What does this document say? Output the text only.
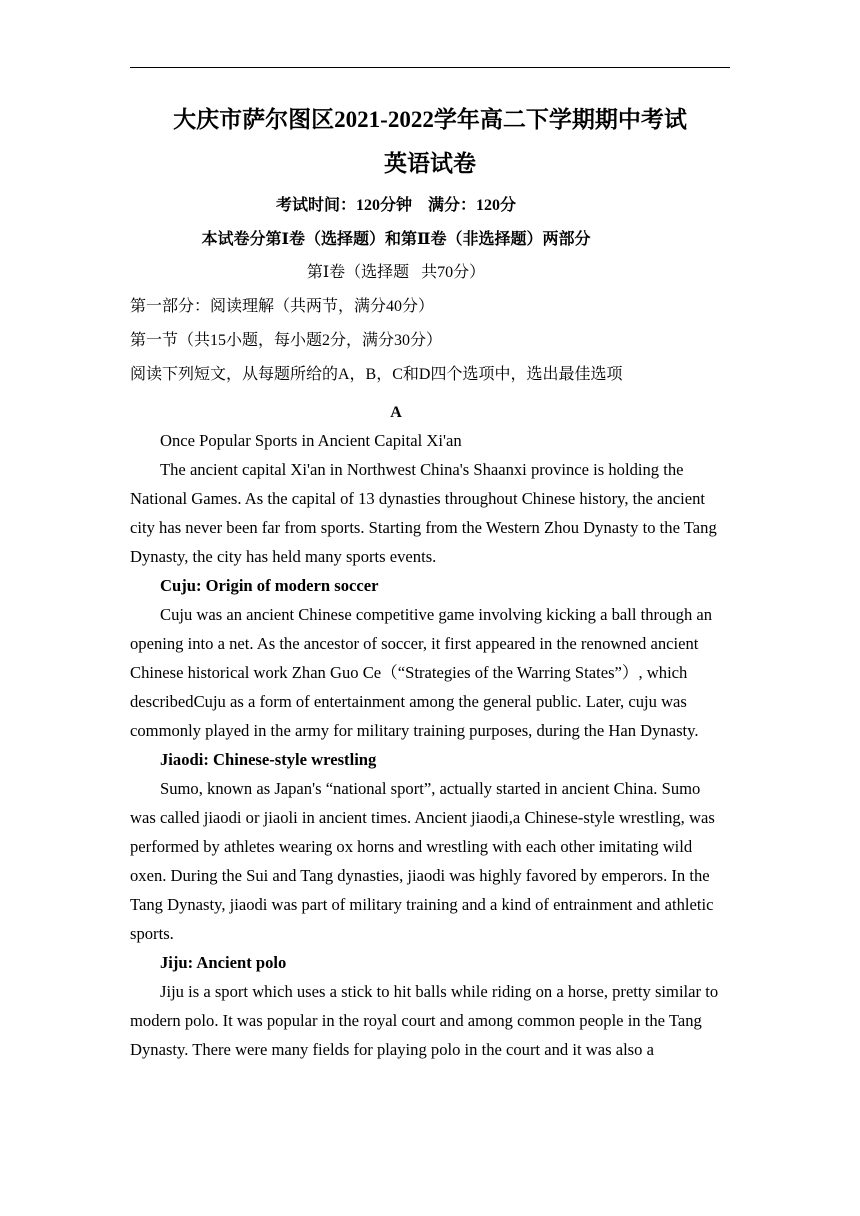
大庆市萨尔图区2021-2022学年高二下学期期中考试
英语试卷
考试时间：120分钟    满分：120分
本试卷分第Ⅰ卷（选择题）和第Ⅱ卷（非选择题）两部分
第Ⅰ卷（选择题   共70分）
第一部分：阅读理解（共两节，满分40分）
第一节（共15小题，每小题2分，满分30分）
阅读下列短文，从每题所给的A，B，C和D四个选项中，选出最佳选项
A

Once Popular Sports in Ancient Capital Xi'an

The ancient capital Xi'an in Northwest China's Shaanxi province is holding the National Games. As the capital of 13 dynasties throughout Chinese history, the ancient city has never been far from sports. Starting from the Western Zhou Dynasty to the Tang Dynasty, the city has held many sports events.

Cuju: Origin of modern soccer

Cuju was an ancient Chinese competitive game involving kicking a ball through an opening into a net. As the ancestor of soccer, it first appeared in the renowned ancient Chinese historical work Zhan Guo Ce（“Strategies of the Warring States”）, which describedCuju as a form of entertainment among the general public. Later, cuju was commonly played in the army for military training purposes, during the Han Dynasty.

Jiaodi: Chinese-style wrestling

Sumo, known as Japan's “national sport”, actually started in ancient China. Sumo was called jiaodi or jiaoli in ancient times. Ancient jiaodi,a Chinese-style wrestling, was performed by athletes wearing ox horns and wrestling with each other imitating wild oxen. During the Sui and Tang dynasties, jiaodi was highly favored by emperors. In the Tang Dynasty, jiaodi was part of military training and a kind of entrainment and athletic sports.

Jiju: Ancient polo

Jiju is a sport which uses a stick to hit balls while riding on a horse, pretty similar to modern polo. It was popular in the royal court and among common people in the Tang Dynasty. There were many fields for playing polo in the court and it was also a
